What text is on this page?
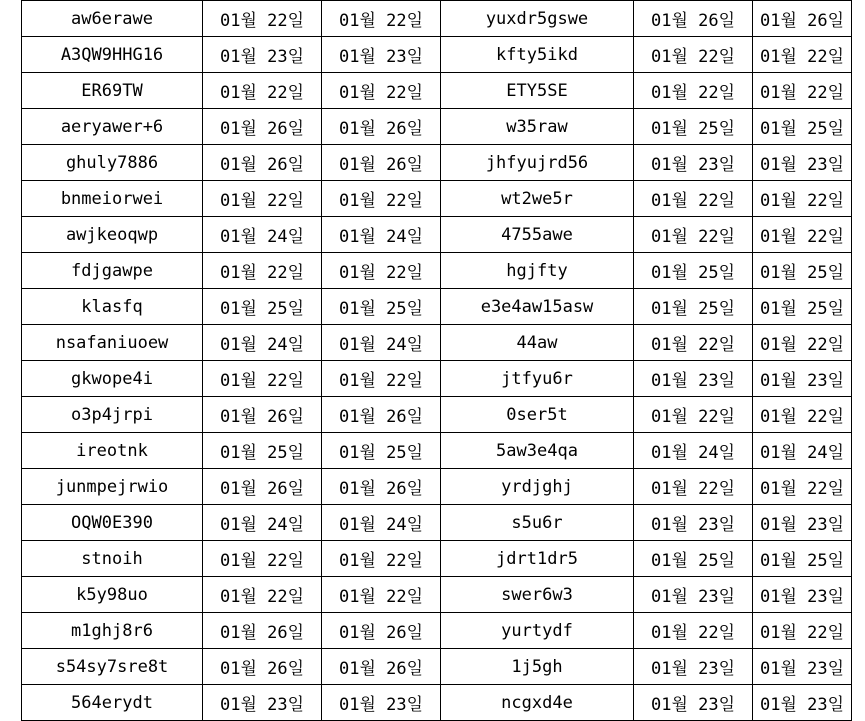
aw6erawe	01월 22일	01월 22일	yuxdr5gswe	01월 26일	01월 26일
A3QW9HHG16	01월 23일	01월 23일	kfty5ikd	01월 22일	01월 22일
ER69TW	01월 22일	01월 22일	ETY5SE	01월 22일	01월 22일
aeryawer+6	01월 26일	01월 26일	w35raw	01월 25일	01월 25일
ghuly7886	01월 26일	01월 26일	jhfyujrd56	01월 23일	01월 23일
bnmeiorwei	01월 22일	01월 22일	wt2we5r	01월 22일	01월 22일
awjkeoqwp	01월 24일	01월 24일	4755awe	01월 22일	01월 22일
fdjgawpe	01월 22일	01월 22일	hgjfty	01월 25일	01월 25일
klasfq	01월 25일	01월 25일	e3e4aw15asw	01월 25일	01월 25일
nsafaniuoew	01월 24일	01월 24일	44aw	01월 22일	01월 22일
gkwope4i	01월 22일	01월 22일	jtfyu6r	01월 23일	01월 23일
o3p4jrpi	01월 26일	01월 26일	0ser5t	01월 22일	01월 22일
ireotnk	01월 25일	01월 25일	5aw3e4qa	01월 24일	01월 24일
junmpejrwio	01월 26일	01월 26일	yrdjghj	01월 22일	01월 22일
OQW0E390	01월 24일	01월 24일	s5u6r	01월 23일	01월 23일
stnoih	01월 22일	01월 22일	jdrt1dr5	01월 25일	01월 25일
k5y98uo	01월 22일	01월 22일	swer6w3	01월 23일	01월 23일
m1ghj8r6	01월 26일	01월 26일	yurtydf	01월 22일	01월 22일
s54sy7sre8t	01월 26일	01월 26일	1j5gh	01월 23일	01월 23일
564erydt	01월 23일	01월 23일	ncgxd4e	01월 23일	01월 23일
